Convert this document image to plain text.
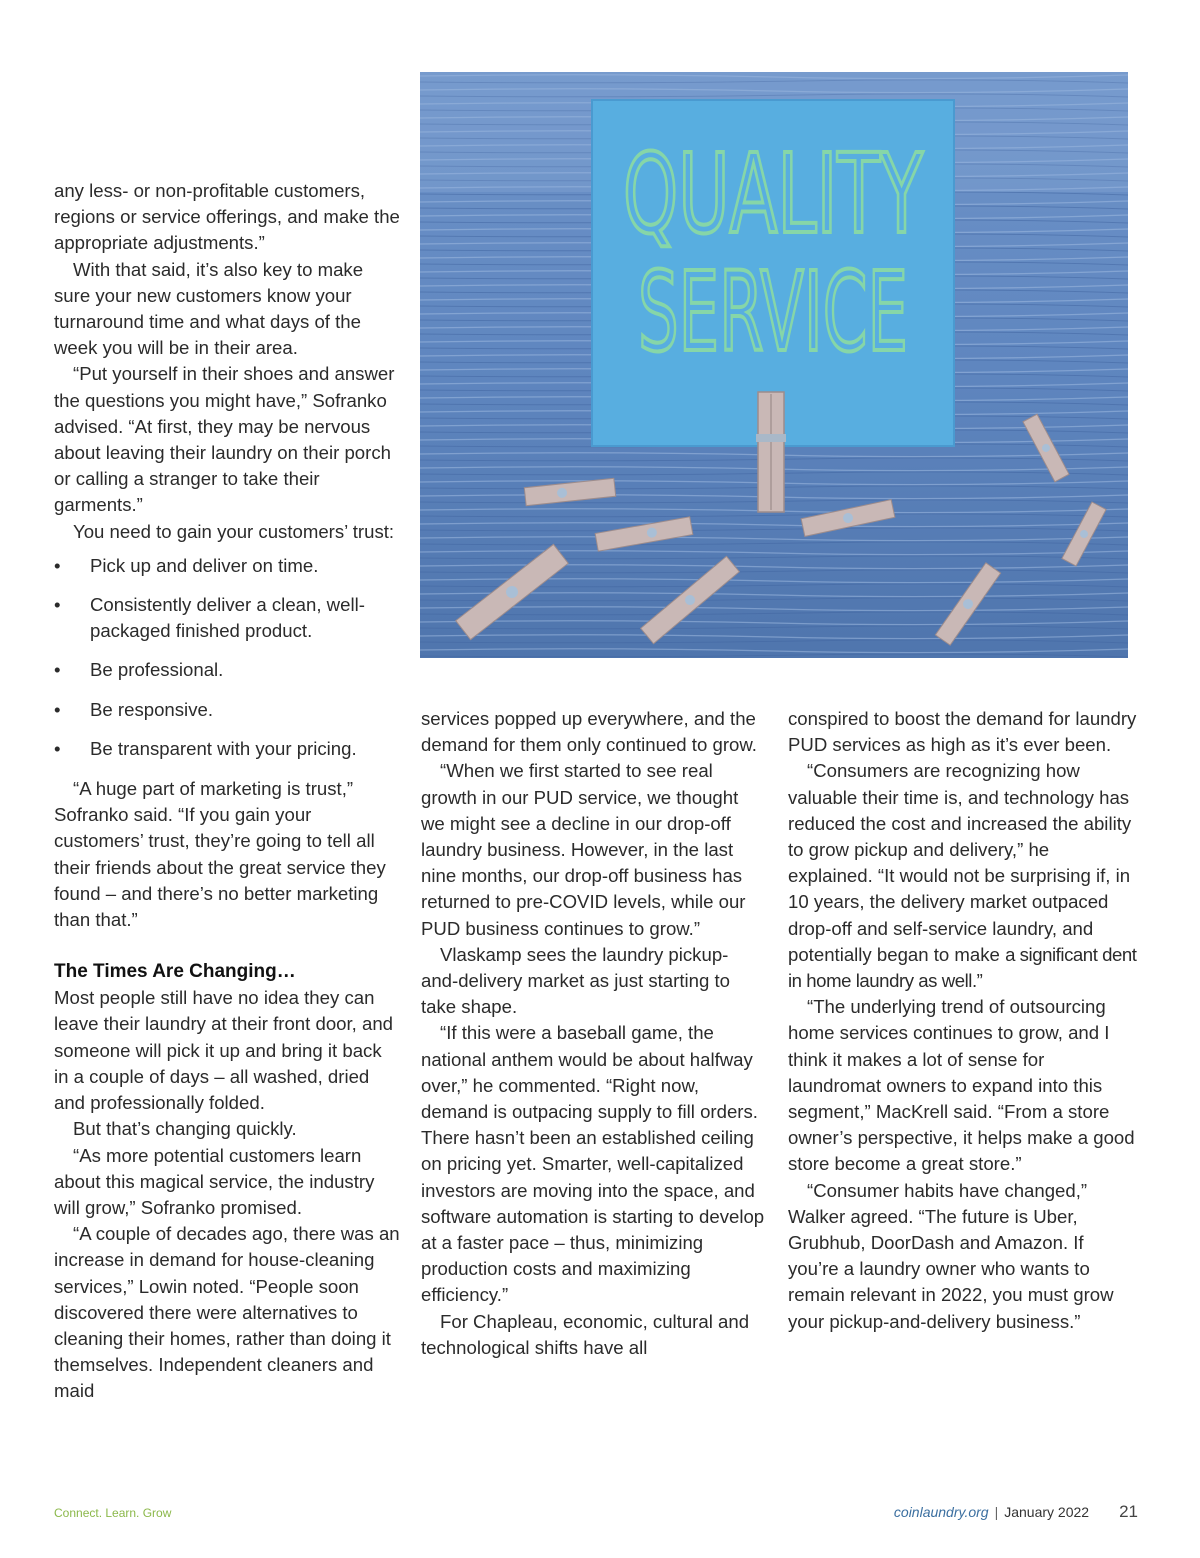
any less- or non-profitable customers, regions or service offerings, and make the appropriate adjustments.”

With that said, it’s also key to make sure your new customers know your turnaround time and what days of the week you will be in their area.

“Put yourself in their shoes and answer the questions you might have,” Sofranko advised. “At first, they may be nervous about leaving their laundry on their porch or calling a stranger to take their garments.”

You need to gain your customers’ trust:

• Pick up and deliver on time.
• Consistently deliver a clean, well-packaged finished product.
• Be professional.
• Be responsive.
• Be transparent with your pricing.

“A huge part of marketing is trust,” Sofranko said. “If you gain your customers’ trust, they’re going to tell all their friends about the great service they found – and there’s no better marketing than that.”

The Times Are Changing…

Most people still have no idea they can leave their laundry at their front door, and someone will pick it up and bring it back in a couple of days – all washed, dried and professionally folded.

But that’s changing quickly.

“As more potential customers learn about this magical service, the industry will grow,” Sofranko promised.

“A couple of decades ago, there was an increase in demand for house-cleaning services,” Lowin noted. “People soon discovered there were alternatives to cleaning their homes, rather than doing it themselves. Independent cleaners and maid

QUALITY
SERVICE

services popped up everywhere, and the demand for them only continued to grow.

“When we first started to see real growth in our PUD service, we thought we might see a decline in our drop-off laundry business. However, in the last nine months, our drop-off business has returned to pre-COVID levels, while our PUD business continues to grow.”

Vlaskamp sees the laundry pickup-and-delivery market as just starting to take shape.

“If this were a baseball game, the national anthem would be about halfway over,” he commented. “Right now, demand is outpacing supply to fill orders. There hasn’t been an established ceiling on pricing yet. Smarter, well-capitalized investors are moving into the space, and software automation is starting to develop at a faster pace – thus, minimizing production costs and maximizing efficiency.”

For Chapleau, economic, cultural and technological shifts have all

conspired to boost the demand for laundry PUD services as high as it’s ever been.

“Consumers are recognizing how valuable their time is, and technology has reduced the cost and increased the ability to grow pickup and delivery,” he explained. “It would not be surprising if, in 10 years, the delivery market outpaced drop-off and self-service laundry, and potentially began to make a significant dent in home laundry as well.”

“The underlying trend of outsourcing home services continues to grow, and I think it makes a lot of sense for laundromat owners to expand into this segment,” MacKrell said. “From a store owner’s perspective, it helps make a good store become a great store.”

“Consumer habits have changed,” Walker agreed. “The future is Uber, Grubhub, DoorDash and Amazon. If you’re a laundry owner who wants to remain relevant in 2022, you must grow your pickup-and-delivery business.”

Connect. Learn. Grow	coinlaundry.org | January 2022 21
